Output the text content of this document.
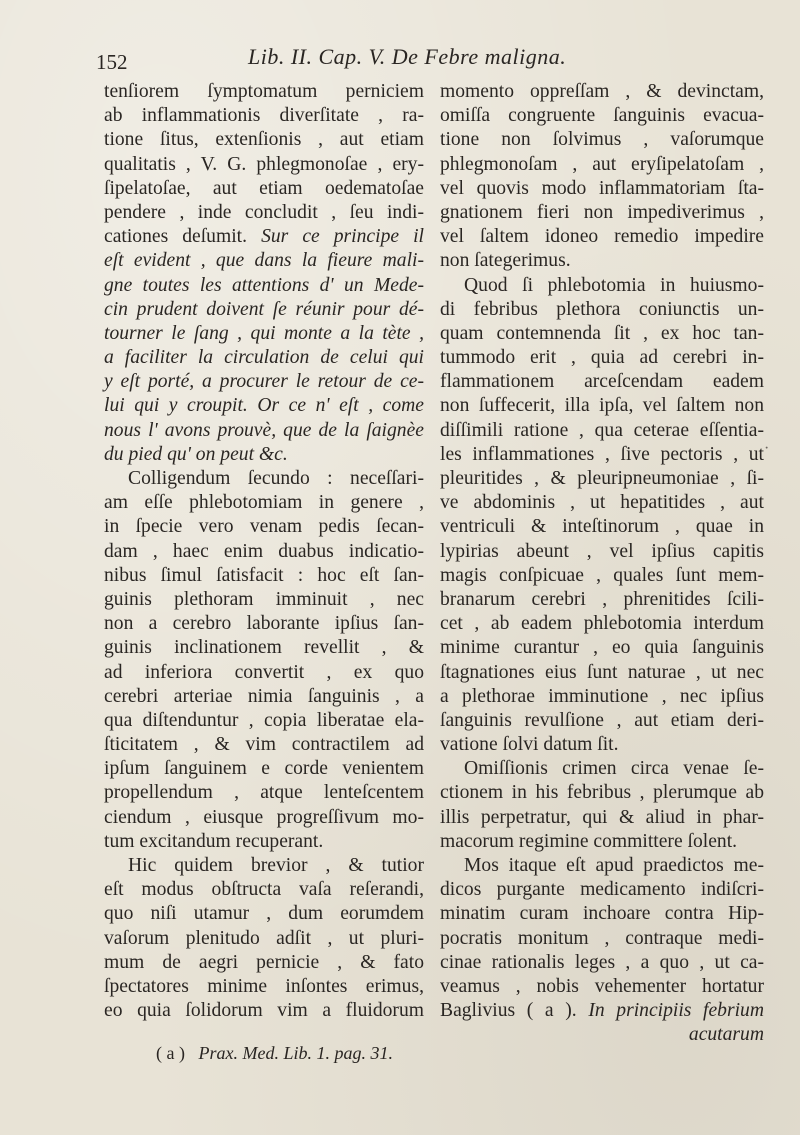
152	Lib. II. Cap. V. De Febre maligna.
tenſiorem ſymptomatum perniciem
ab inflammationis diverſitate , ra-
tione ſitus, extenſionis , aut etiam
qualitatis , V. G. phlegmonoſae , ery-
ſipelatoſae, aut etiam oedematoſae
pendere , inde concludit , ſeu indi-
cationes deſumit. Sur ce principe il
eſt evident , que dans la fieure mali-
gne toutes les attentions d' un Mede-
cin prudent doivent ſe réunir pour dé-
tourner le ſang , qui monte a la tète ,
a faciliter la circulation de celui qui
y eſt porté, a procurer le retour de ce-
lui qui y croupit. Or ce n' eſt , come
nous l' avons prouvè, que de la ſaignèe
du pied qu' on peut &c.
Colligendum ſecundo : neceſſari-
am eſſe phlebotomiam in genere ,
in ſpecie vero venam pedis ſecan-
dam , haec enim duabus indicatio-
nibus ſimul ſatisfacit : hoc eſt ſan-
guinis plethoram imminuit , nec
non a cerebro laborante ipſius ſan-
guinis inclinationem revellit , &
ad inferiora convertit , ex quo
cerebri arteriae nimia ſanguinis , a
qua diſtenduntur , copia liberatae ela-
ſticitatem , & vim contractilem ad
ipſum ſanguinem e corde venientem
propellendum , atque lenteſcentem
ciendum , eiusque progreſſivum mo-
tum excitandum recuperant.
Hic quidem brevior , & tutior
eſt modus obſtructa vaſa reſerandi,
quo niſi utamur , dum eorumdem
vaſorum plenitudo adſit , ut pluri-
mum de aegri pernicie , & fato
ſpectatores minime inſontes erimus,
eo quia ſolidorum vim a fluidorum
momento oppreſſam , & devinctam,
omiſſa congruente ſanguinis evacua-
tione non ſolvimus , vaſorumque
phlegmonoſam , aut eryſipelatoſam ,
vel quovis modo inflammatoriam ſta-
gnationem fieri non impediverimus ,
vel ſaltem idoneo remedio impedire
non ſategerimus.
Quod ſi phlebotomia in huiusmo-
di febribus plethora coniunctis un-
quam contemnenda ſit , ex hoc tan-
tummodo erit , quia ad cerebri in-
flammationem arceſcendam eadem
non ſuffecerit, illa ipſa, vel ſaltem non
diſſimili ratione , qua ceterae eſſentia-
les inflammationes , ſive pectoris , ut
pleuritides , & pleuripneumoniae , ſi-
ve abdominis , ut hepatitides , aut
ventriculi & inteſtinorum , quae in
lypirias abeunt , vel ipſius capitis
magis conſpicuae , quales ſunt mem-
branarum cerebri , phrenitides ſcili-
cet , ab eadem phlebotomia interdum
minime curantur , eo quia ſanguinis
ſtagnationes eius ſunt naturae , ut nec
a plethorae imminutione , nec ipſius
ſanguinis revulſione , aut etiam deri-
vatione ſolvi datum ſit.
Omiſſionis crimen circa venae ſe-
ctionem in his febribus , plerumque ab
illis perpetratur, qui & aliud in phar-
macorum regimine committere ſolent.
Mos itaque eſt apud praedictos me-
dicos purgante medicamento indiſcri-
minatim curam inchoare contra Hip-
pocratis monitum , contraque medi-
cinae rationalis leges , a quo , ut ca-
veamus , nobis vehementer hortatur
Baglivius ( a ). In principiis febrium
acutarum
( a ) Prax. Med. Lib. 1. pag. 31.
·
